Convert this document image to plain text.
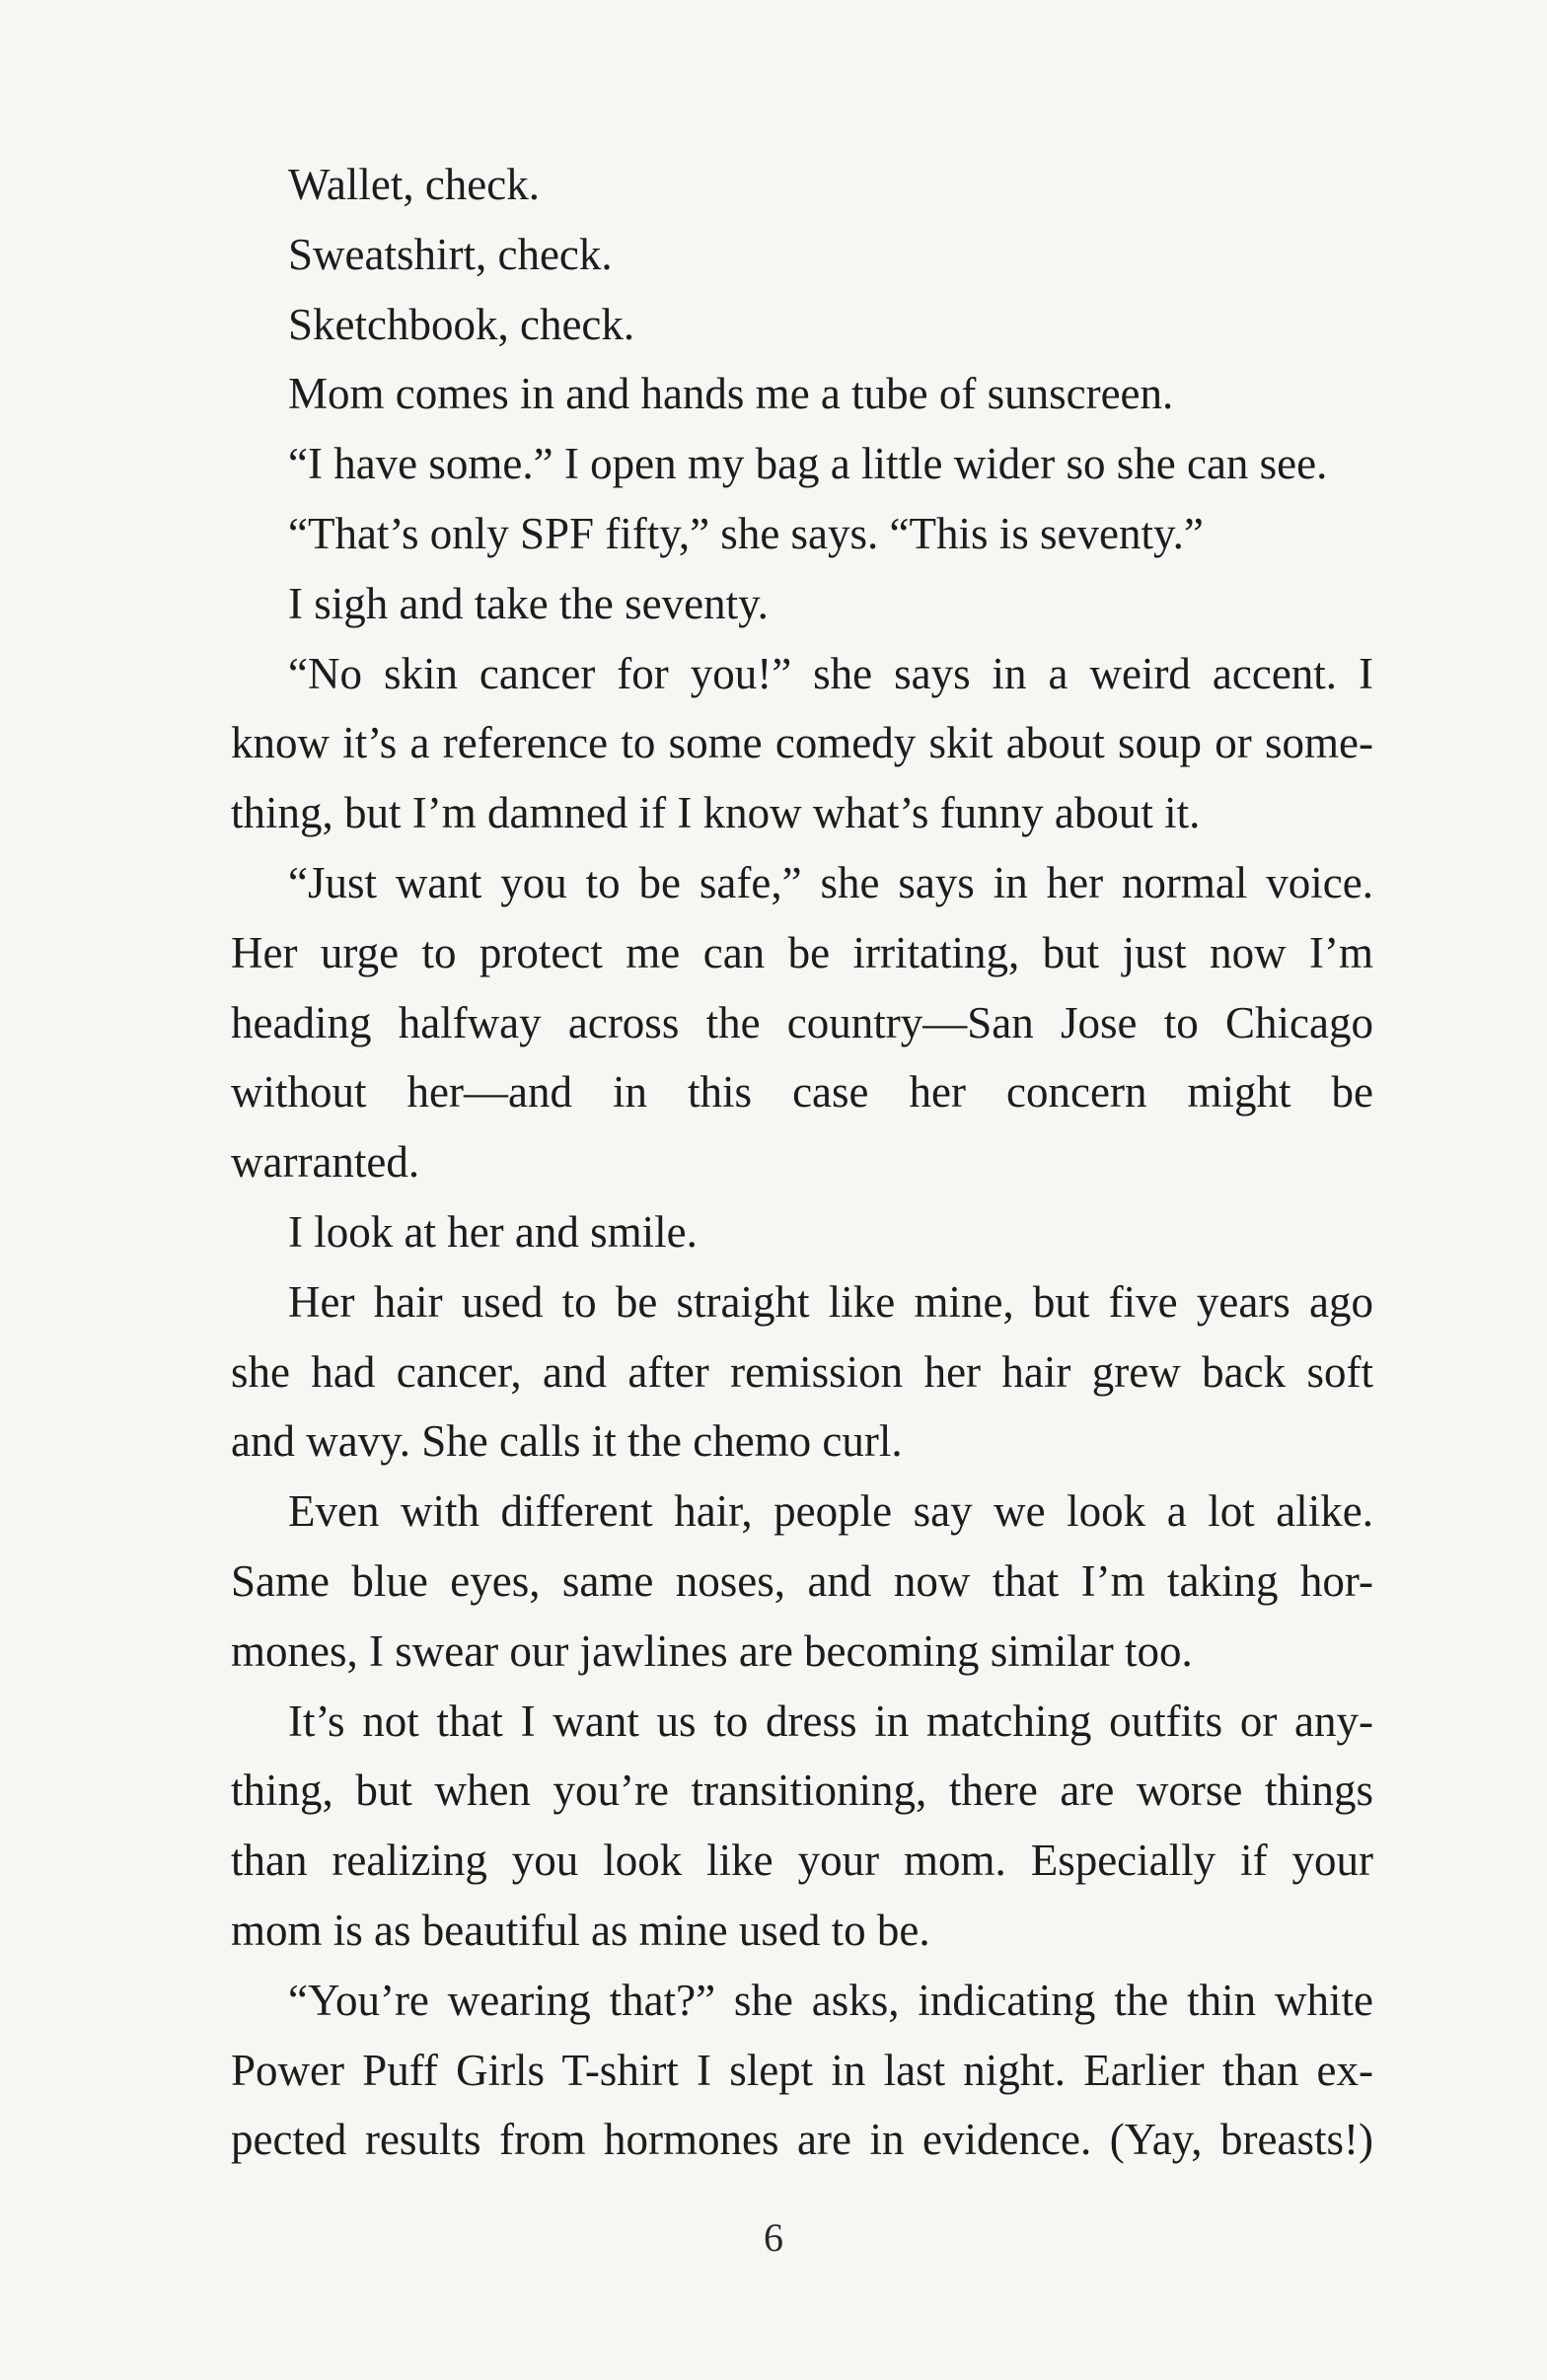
Wallet, check.
Sweatshirt, check.
Sketchbook, check.
Mom comes in and hands me a tube of sunscreen.
“I have some.” I open my bag a little wider so she can see.
“That’s only SPF fifty,” she says. “This is seventy.”
I sigh and take the seventy.
“No skin cancer for you!” she says in a weird accent. I
know it’s a reference to some comedy skit about soup or some-
thing, but I’m damned if I know what’s funny about it.
“Just want you to be safe,” she says in her normal voice.
Her urge to protect me can be irritating, but just now I’m
heading halfway across the country—San Jose to Chicago
without her—and in this case her concern might be
warranted.
I look at her and smile.
Her hair used to be straight like mine, but five years ago
she had cancer, and after remission her hair grew back soft
and wavy. She calls it the chemo curl.
Even with different hair, people say we look a lot alike.
Same blue eyes, same noses, and now that I’m taking hor-
mones, I swear our jawlines are becoming similar too.
It’s not that I want us to dress in matching outfits or any-
thing, but when you’re transitioning, there are worse things
than realizing you look like your mom. Especially if your
mom is as beautiful as mine used to be.
“You’re wearing that?” she asks, indicating the thin white
Power Puff Girls T-shirt I slept in last night. Earlier than ex-
pected results from hormones are in evidence. (Yay, breasts!)
6
